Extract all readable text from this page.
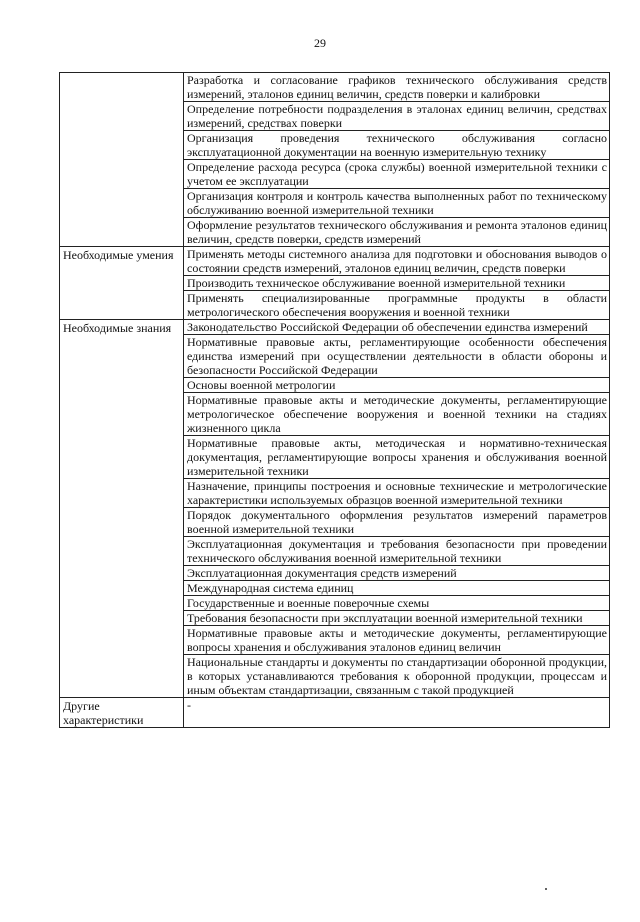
29
	Разработка и согласование графиков технического обслуживания средств измерений, эталонов единиц величин, средств поверки и калибровки
	Определение потребности подразделения в эталонах единиц величин, средствах измерений, средствах поверки
	Организация проведения технического обслуживания согласно эксплуатационной документации на военную измерительную технику
	Определение расхода ресурса (срока службы) военной измерительной техники с учетом ее эксплуатации
	Организация контроля и контроль качества выполненных работ по техническому обслуживанию военной измерительной техники
	Оформление результатов технического обслуживания и ремонта эталонов единиц величин, средств поверки, средств измерений
Необходимые умения	Применять методы системного анализа для подготовки и обоснования выводов о состоянии средств измерений, эталонов единиц величин, средств поверки
	Производить техническое обслуживание военной измерительной техники
	Применять специализированные программные продукты в области метрологического обеспечения вооружения и военной техники
Необходимые знания	Законодательство Российской Федерации об обеспечении единства измерений
	Нормативные правовые акты, регламентирующие особенности обеспечения единства измерений при осуществлении деятельности в области обороны и безопасности Российской Федерации
	Основы военной метрологии
	Нормативные правовые акты и методические документы, регламентирующие метрологическое обеспечение вооружения и военной техники на стадиях жизненного цикла
	Нормативные правовые акты, методическая и нормативно-техническая документация, регламентирующие вопросы хранения и обслуживания военной измерительной техники
	Назначение, принципы построения и основные технические и метрологические характеристики используемых образцов военной измерительной техники
	Порядок документального оформления результатов измерений параметров военной измерительной техники
	Эксплуатационная документация и требования безопасности при проведении технического обслуживания военной измерительной техники
	Эксплуатационная документация средств измерений
	Международная система единиц
	Государственные и военные поверочные схемы
	Требования безопасности при эксплуатации военной измерительной техники
	Нормативные правовые акты и методические документы, регламентирующие вопросы хранения и обслуживания эталонов единиц величин
	Национальные стандарты и документы по стандартизации оборонной продукции, в которых устанавливаются требования к оборонной продукции, процессам и иным объектам стандартизации, связанным с такой продукцией
Другие характеристики	-
